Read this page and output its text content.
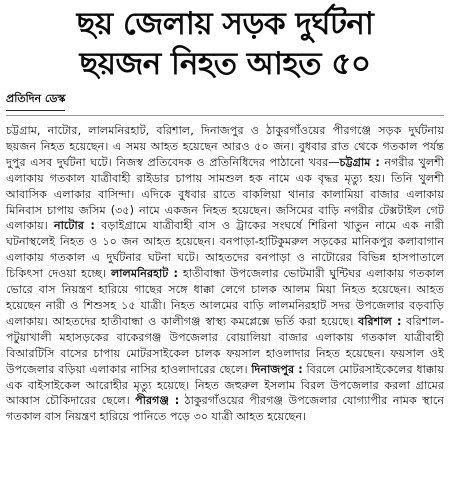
ছয় জেলায় সড়ক দুর্ঘটনা
ছয়জন নিহত আহত ৫০
প্রতিদিন ডেস্ক

চট্টগ্রাম, নাটোর, লালমনিরহাট, বরিশাল, দিনাজপুর ও ঠাকুরগাঁওয়ের পীরগঞ্জে সড়ক দুর্ঘটনায় ছয়জন নিহত হয়েছেন। এ সময় আহত হয়েছেন আরও ৫০ জন। বুধবার রাত থেকে গতকাল পর্যন্ত দুপুর এসব দুর্ঘটনা ঘটে। নিজস্ব প্রতিবেদক ও প্রতিনিধিদের পাঠানো খবর—চট্টগ্রাম : নগরীর খুলশী এলাকায় গতকাল যাত্রীবাহী রাইডার চাপায় সামশুল হক নামে এক বৃদ্ধর মৃত্যু হয়। তিনি খুলশী আবাসিক এলাকার বাসিন্দা। এদিকে বুধবার রাতে বাকলিয়া থানার কালামিয়া বাজার এলাকায় মিনিবাস চাপায় জসিম (৩৫) নামে একজন নিহত হয়েছেন। জসিমের বাড়ি নগরীর টেক্সটাইল গেট এলাকায়। নাটোর : বড়াইগ্রামে যাত্রীবাহী বাস ও ট্রাকের সংঘর্ষে শিরিনা খাতুন নামে এক নারী ঘটনাস্থলেই নিহত ও ১০ জন আহত হয়েছেন। বনপাড়া-হাটিকুমরুল সড়কের মানিকপুর কলাবাগান এলাকায় গতকাল এ দুর্ঘটনার ঘটনা ঘটে। আহতদের বনপাড়া ও নাটোরের বিভিন্ন হাসপাতালে চিকিৎসা দেওয়া হচ্ছে। লালমনিরহাট : হাতীবান্ধা উপজেলার ভোটমারী ঘুন্টিঘর এলাকায় গতকাল ভোরে বাস নিয়ন্ত্রণ হারিয়ে গাছের সঙ্গে ধাক্কা লেগে চালক আলম মিয়া নিহত হয়েছেন। আহত হয়েছেন নারী ও শিশুসহ ১৫ যাত্রী। নিহত আলমের বাড়ি লালমনিরহাট সদর উপজেলার বড়বাড়ি এলাকায়। আহতদের হাতীবান্ধা ও কালীগঞ্জ স্বাস্থ্য কমপ্লেক্সে ভর্তি করা হয়েছে। বরিশাল : বরিশাল-পটুয়াখালী মহাসড়কের বাকেরগঞ্জ উপজেলার বোয়ালিয়া বাজার এলাকায় গতকাল যাত্রীবাহী বিআরটিসি বাসের চাপায় মোটরসাইকেল চালক ফয়সাল হাওলাদার নিহত হয়েছেন। ফয়সাল ওই উপজেলার বড়িয়া এলাকার নাসির হাওলাদারের ছেলে। দিনাজপুর : বিরলে মোটরসাইকেলের ধাক্কায় এক বাইসাইকেল আরোহীর মৃত্যু হয়েছে। নিহত জহুরুল ইসলাম বিরল উপজেলার করলা গ্রামের আব্বাস চৌকিদারের ছেলে। পীরগঞ্জ : ঠাকুরগাঁওয়ের পীরগঞ্জ উপজেলার যোগ্যাপীর নামক স্থানে গতকাল বাস নিয়ন্ত্রণ হারিয়ে পানিতে পড়ে ৩০ যাত্রী আহত হয়েছেন।
